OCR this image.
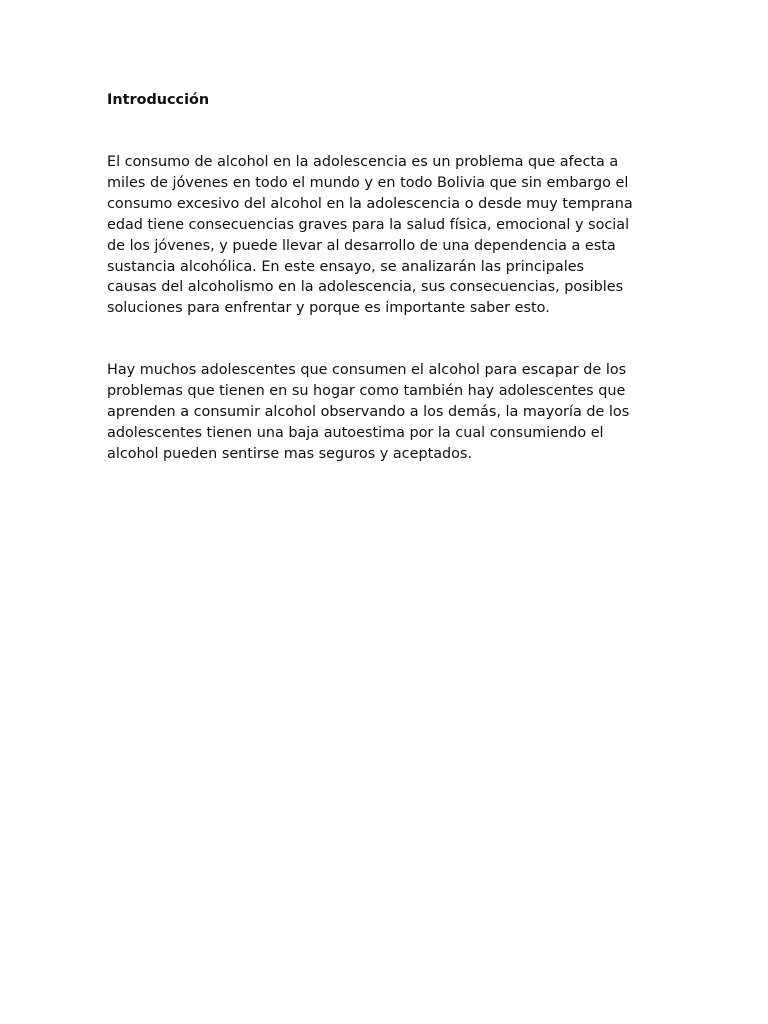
Introducción

El consumo de alcohol en la adolescencia es un problema que afecta a
miles de jóvenes en todo el mundo y en todo Bolivia que sin embargo el
consumo excesivo del alcohol en la adolescencia o desde muy temprana
edad tiene consecuencias graves para la salud física, emocional y social
de los jóvenes, y puede llevar al desarrollo de una dependencia a esta
sustancia alcohólica. En este ensayo, se analizarán las principales
causas del alcoholismo en la adolescencia, sus consecuencias, posibles
soluciones para enfrentar y porque es importante saber esto.

Hay muchos adolescentes que consumen el alcohol para escapar de los
problemas que tienen en su hogar como también hay adolescentes que
aprenden a consumir alcohol observando a los demás, la mayoría de los
adolescentes tienen una baja autoestima por la cual consumiendo el
alcohol pueden sentirse mas seguros y aceptados.
